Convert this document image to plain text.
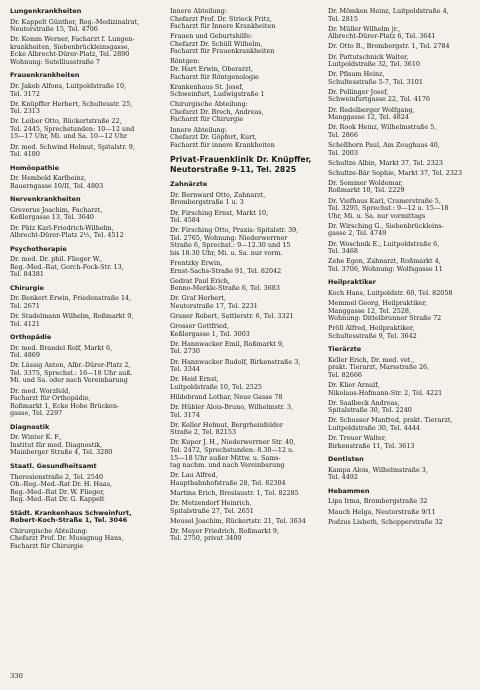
Lungenkrankheiten
Dr. Kappelt Günther, Reg.-Medizinalrat,
Neutorstraße 15, Tel. 4706
Dr. Komm Werner, Facharzt f. Lungen-
krankheiten, Siebenbrückleinsgasse,
Ecke Albrecht-Dürer-Platz, Tel. 2890
Wohnung: Sutelliusstraße 7
Frauenkrankheiten
Dr. Jakob Alfons, Luitpoldstraße 10,
Tel. 3172
Dr. Knüpffer Herbert, Schultesstr. 25,
Tel. 2313
Dr. Leiber Otto, Rückertstraße 22,
Tel. 2445, Sprechstunden: 10—12 und
15—17 Uhr, Mi. und Sa. 10—12 Uhr
Dr. med. Schwind Helmut, Spitalstr. 9,
Tel. 4180
Homöopathie
Dr. Hembold Karlheinz,
Bauerngasse 10/II, Tel. 4803
Nervenkrankheiten
Greverus Joachim, Facharzt,
Keßlergasse 13, Tel. 3640
Dr. Pätz Karl-Friedrich-Wilhelm,
Albrecht-Dürer-Platz 2½, Tel. 4512
Psychotherapie
Dr. med. Dr. phil. Flieger W.,
Reg.-Med.-Rat, Gorch-Fock-Str. 13,
Tel. 84381
Chirurgie
Dr. Benkert Erwin, Friedenstraße 14,
Tel. 2671
Dr. Stadelmann Wilhelm, Roßmarkt 9,
Tel. 4121
Orthopädie
Dr. med. Brandel Rolf, Markt 6,
Tel. 4869
Dr. Lässig Anton, Albr.-Dürer-Platz 2,
Tel. 3375, Sprechst.: 16—18 Uhr auß.
Mi. und Sa. oder nach Vereinbarung
Dr. med. Worzfeld,
Facharzt für Orthopädie,
Roßmarkt 1, Ecke Hohe Brücken-
gasse, Tel. 2297
Diagnostik
Dr. Winter K. F.,
Institut für med. Diagnostik,
Mainberger Straße 4, Tel. 3280
Staatl. Gesundheitsamt
Theresienstraße 2, Tel. 2540
Ob.-Reg.-Med.-Rat Dr. H. Haas,
Reg.-Med.-Rat Dr. W. Flieger,
Reg.-Med.-Rat Dr. G. Kappelt
Städt. Krankenhaus Schweinfurt,
Robert-Koch-Straße 1, Tel. 3046
Chirurgische Abteilung:
Chefarzt Prof. Dr. Mussgnug Hans,
Facharzt für Chirurgie
Innere Abteilung:
Chefarzt Prof. Dr. Strieck Fritz,
Facharzt für Innere Krankheiten
Frauen und Geburtshilfe:
Chefarzt Dr. Schüll Wilhelm,
Facharzt für Frauenkrankheiten
Röntgen:
Dr. Hart Erwin, Oberarzt,
Facharzt für Röntgenologie
Krankenhaus St. Josef,
Schweinfurt, Ludwigstraße 1
Chirurgische Abteilung:
Chefarzt Dr. Brech, Andreas,
Facharzt für Chirurgie
Innere Abteilung:
Chefarzt Dr. Göpfert, Kurt,
Facharzt für innere Krankheiten
Privat-Frauenklinik Dr. Knüpffer,
Neutorstraße 9-11, Tel. 2825
Zahnärzte
Dr. Bernward Otto, Zahnarzt,
Brombergstraße 1 u. 3
Dr. Firsching Ernst, Markt 10,
Tel. 4584
Dr. Firsching Otto, Praxis: Spitalstr. 39,
Tel. 2765, Wohnung: Niederwerrner
Straße 6, Sprechst.: 9—12.30 und 15
bis 18.30 Uhr, Mi. u. Sa. nur vorm.
Frentzky Erwin,
Ernst-Sachs-Straße 91, Tel. 82042
Gedrat Paul Erich,
Benno-Merkle-Straße 6, Tel. 3683
Dr. Graf Herbert,
Neutorstraße 17, Tel. 2231
Graner Robert, Sattlerstr. 6, Tel. 3321
Grosser Gottfried,
Keßlergasse 1, Tel. 3003
Dr. Hannwacker Emil, Roßmarkt 9,
Tel. 2730
Dr. Hannwacker Rudolf, Birkenstraße 3,
Tel. 3344
Dr. Heid Ernst,
Luitpoldstraße 10, Tel. 2525
Hildebrand Lothar, Neue Gasse 78
Dr. Hübler Alois-Bruno, Wilhelmstr. 3,
Tel. 3174
Dr. Keller Helmut, Bergrheinfelder
Straße 2, Tel. 82153
Dr. Kuper J. H., Niederwerrner Str. 40,
Tel. 2472, Sprechstunden: 8.30—12 u.
15—18 Uhr außer Mittw. u. Sams-
tag nachm. und nach Vereinbarung
Dr. Lau Alfred,
Hauptbahnhofstraße 28, Tel. 82304
Martina Erich, Breslaustr. 1, Tel. 82285
Dr. Metzendorf Heinrich,
Spitalstraße 27, Tel. 2651
Meusel Joachim, Rückertstr. 21, Tel. 3634
Dr. Meyer Friedrich, Roßmarkt 9,
Tel. 2750, privat 3400
Dr. Mömken Heinz, Luitpoldstraße 4,
Tel. 2815
Dr. Müller Wilhelm jr.,
Albrecht-Dürer-Platz 6, Tel. 3641
Dr. Otto B., Brombergstr. 1, Tel. 2784
Dr. Pattutschnick Walter,
Luitpoldstraße 32, Tel. 3610
Dr. Pfisum Heinz,
Schultesstraße 5-7, Tel. 3101
Dr. Pollinger Josef,
Schweinfurtgasse 22, Tel. 4176
Dr. Redelberger Wolfgang,
Manggasse 12, Tel. 4824
Dr. Rook Heinz, Wilhelmstraße 5,
Tel. 2866
Schellhorn Paul, Am Zeughaus 40,
Tel. 2003
Schultze Albin, Markt 37, Tel. 2323
Schultze-Bär Sophie, Markt 37, Tel. 2323
Dr. Sommer Woldemar,
Roßmarkt 10, Tel. 2229
Dr. Viefhaus Karl, Cramerstraße 5,
Tel. 3295, Sprechst.: 9—12 u. 15—18
Uhr, Mi. u. Sa. nur vormittags
Dr. Wirsching G., Siebenbrückleins-
gasse 2, Tel. 4749
Dr. Woschnik E., Luitpoldstraße 6,
Tel. 3468
Zehe Egon, Zahnarzt, Roßmarkt 4,
Tel. 3706, Wohnung: Wolfsgasse 11
Heilpraktiker
Koch Hans, Luitpoldstr. 60, Tel. 82058
Memmel Georg, Heilpraktiker,
Manggasse 12, Tel. 2528,
Wohnung: Dittelbrunner Straße 72
Pröll Alfred, Heilpraktiker,
Schultesstraße 9, Tel. 3642
Tierärzte
Keller Erich, Dr. med. vet.,
prakt. Tierarzt, Marsstraße 26,
Tel. 82666
Dr. Klier Arnulf,
Nikolaus-Hofmann-Str. 2, Tel. 4221
Dr. Saalbeck Andreas,
Spitalstraße 30, Tel. 2240
Dr. Schusser Manfred, prakt. Tierarzt,
Luitpoldstraße 30, Tel. 4444
Dr. Treuer Walter,
Birkenstraße 11, Tel. 3613
Dentisten
Kampa Alois, Wilhelmstraße 3,
Tel. 4492
Hebammen
Lipa Irma, Brombergstraße 32
Mauch Helga, Neutorstraße 9/11
Podzus Lisbeth, Schopperstraße 32
330
